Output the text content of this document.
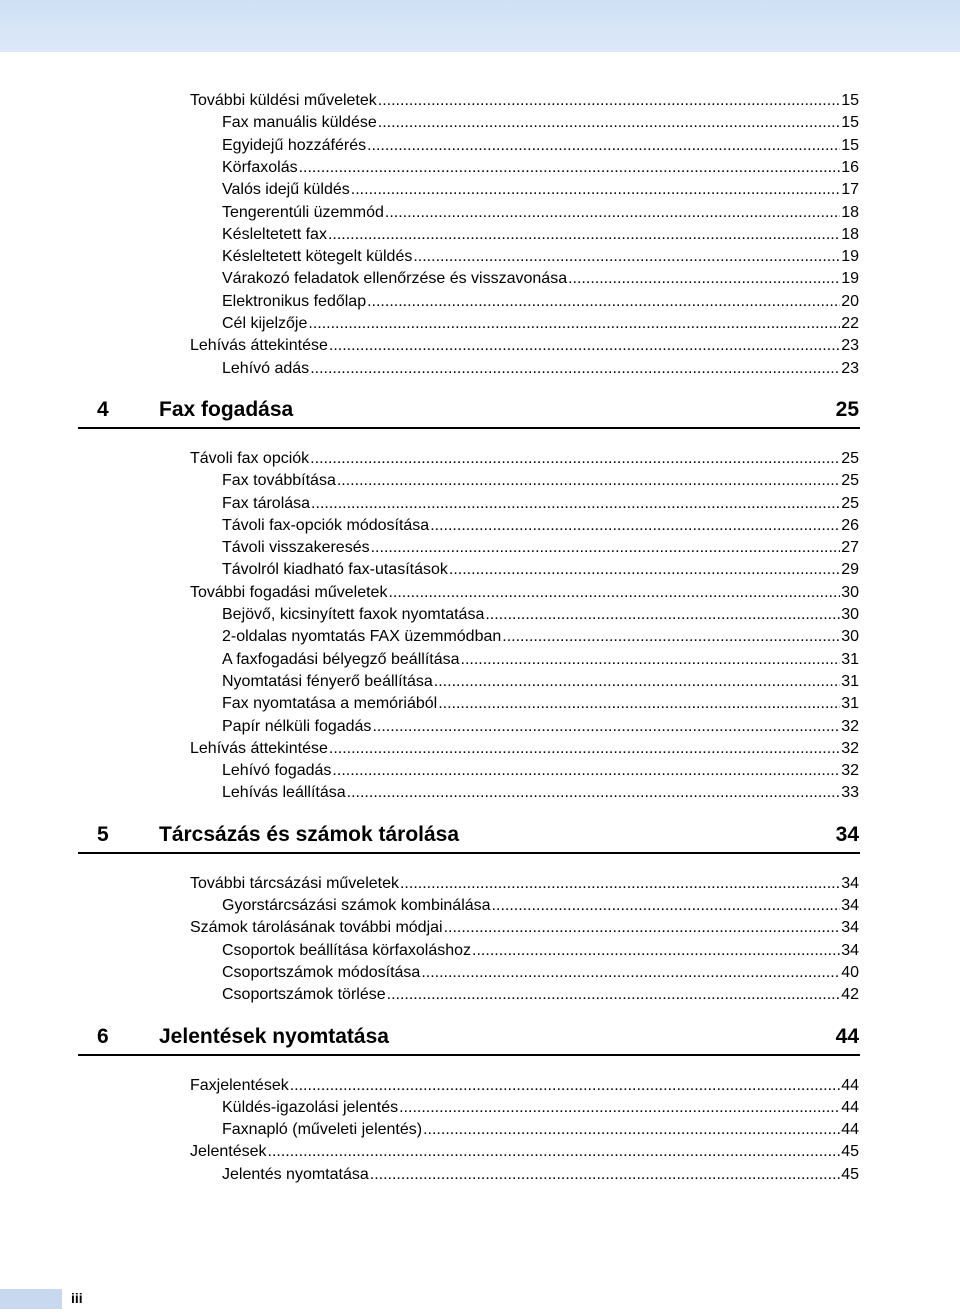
További küldési műveletek .....	15
Fax manuális küldése .....	15
Egyidejű hozzáférés .....	15
Körfaxolás .....	16
Valós idejű küldés .....	17
Tengerentúli üzemmód .....	18
Késleltetett fax .....	18
Késleltetett kötegelt küldés .....	19
Várakozó feladatok ellenőrzése és visszavonása .....	19
Elektronikus fedőlap .....	20
Cél kijelzője .....	22
Lehívás áttekintése .....	23
Lehívó adás .....	23
4	Fax fogadása	25
Távoli fax opciók .....	25
Fax továbbítása .....	25
Fax tárolása .....	25
Távoli fax-opciók módosítása .....	26
Távoli visszakeresés .....	27
Távolról kiadható fax-utasítások .....	29
További fogadási műveletek .....	30
Bejövő, kicsinyített faxok nyomtatása .....	30
2-oldalas nyomtatás FAX üzemmódban .....	30
A faxfogadási bélyegző beállítása .....	31
Nyomtatási fényerő beállítása .....	31
Fax nyomtatása a memóriából .....	31
Papír nélküli fogadás .....	32
Lehívás áttekintése .....	32
Lehívó fogadás .....	32
Lehívás leállítása .....	33
5	Tárcsázás és számok tárolása	34
További tárcsázási műveletek .....	34
Gyorstárcsázási számok kombinálása .....	34
Számok tárolásának további módjai .....	34
Csoportok beállítása körfaxoláshoz .....	34
Csoportszámok módosítása .....	40
Csoportszámok törlése .....	42
6	Jelentések nyomtatása	44
Faxjelentések .....	44
Küldés-igazolási jelentés .....	44
Faxnapló (műveleti jelentés) .....	44
Jelentések .....	45
Jelentés nyomtatása .....	45
iii
